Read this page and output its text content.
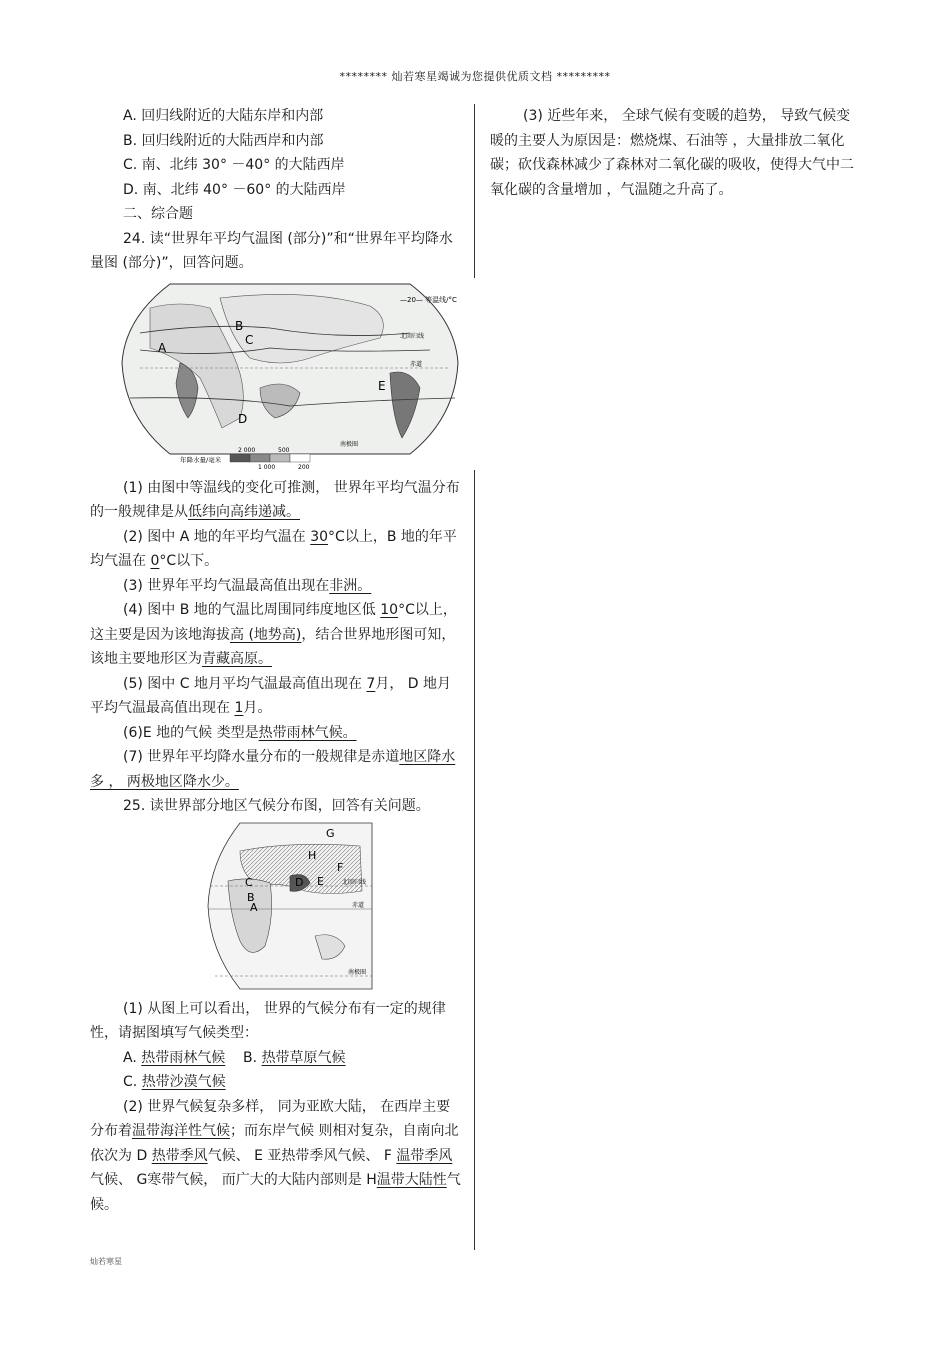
******** 灿若寒星竭诚为您提供优质文档 *********

A. 回归线附近的大陆东岸和内部

B. 回归线附近的大陆西岸和内部

C. 南、北纬 30° －40° 的大陆西岸

D. 南、北纬 40° －60° 的大陆西岸

二、综合题

24. 读“世界年平均气温图 (部分)”和“世界年平均降水量图 (部分)”，回答问题。

A
B
C
D
E
—20— 等温线/°C
北回归线
赤道
南极圈
年降水量/毫米
2 000	500
1 000	200

(1) 由图中等温线的变化可推测， 世界年平均气温分布的一般规律是从低纬向高纬递减。

(2) 图中 A 地的年平均气温在 30°C以上，B 地的年平均气温在 0°C以下。

(3) 世界年平均气温最高值出现在非洲。

(4) 图中 B 地的气温比周围同纬度地区低 10°C以上，这主要是因为该地海拔高 (地势高)，结合世界地形图可知，该地主要地形区为青藏高原。

(5) 图中 C 地月平均气温最高值出现在 7月， D 地月平均气温最高值出现在 1月。

(6)E 地的气候 类型是热带雨林气候。

(7) 世界年平均降水量分布的一般规律是赤道地区降水多 ， 两极地区降水少。

25. 读世界部分地区气候分布图，回答有关问题。

A
B
C	D E
F
G
H
北回归线
赤道
南极圈

(1) 从图上可以看出， 世界的气候分布有一定的规律性，请据图填写气候类型：

A. 热带雨林气候 B. 热带草原气候

C. 热带沙漠气候

(2) 世界气候复杂多样， 同为亚欧大陆， 在西岸主要分布着温带海洋性气候；而东岸气候 则相对复杂，自南向北依次为 D 热带季风气候、 E 亚热带季风气候、 F 温带季风气候、 G寒带气候， 而广大的大陆内部则是 H温带大陆性气候。

(3) 近些年来， 全球气候有变暖的趋势， 导致气候变暖的主要人为原因是：燃烧煤、石油等 ，大量排放二氧化碳；砍伐森林减少了森林对二氧化碳的吸收，使得大气中二氧化碳的含量增加 ，气温随之升高了。

灿若寒星
